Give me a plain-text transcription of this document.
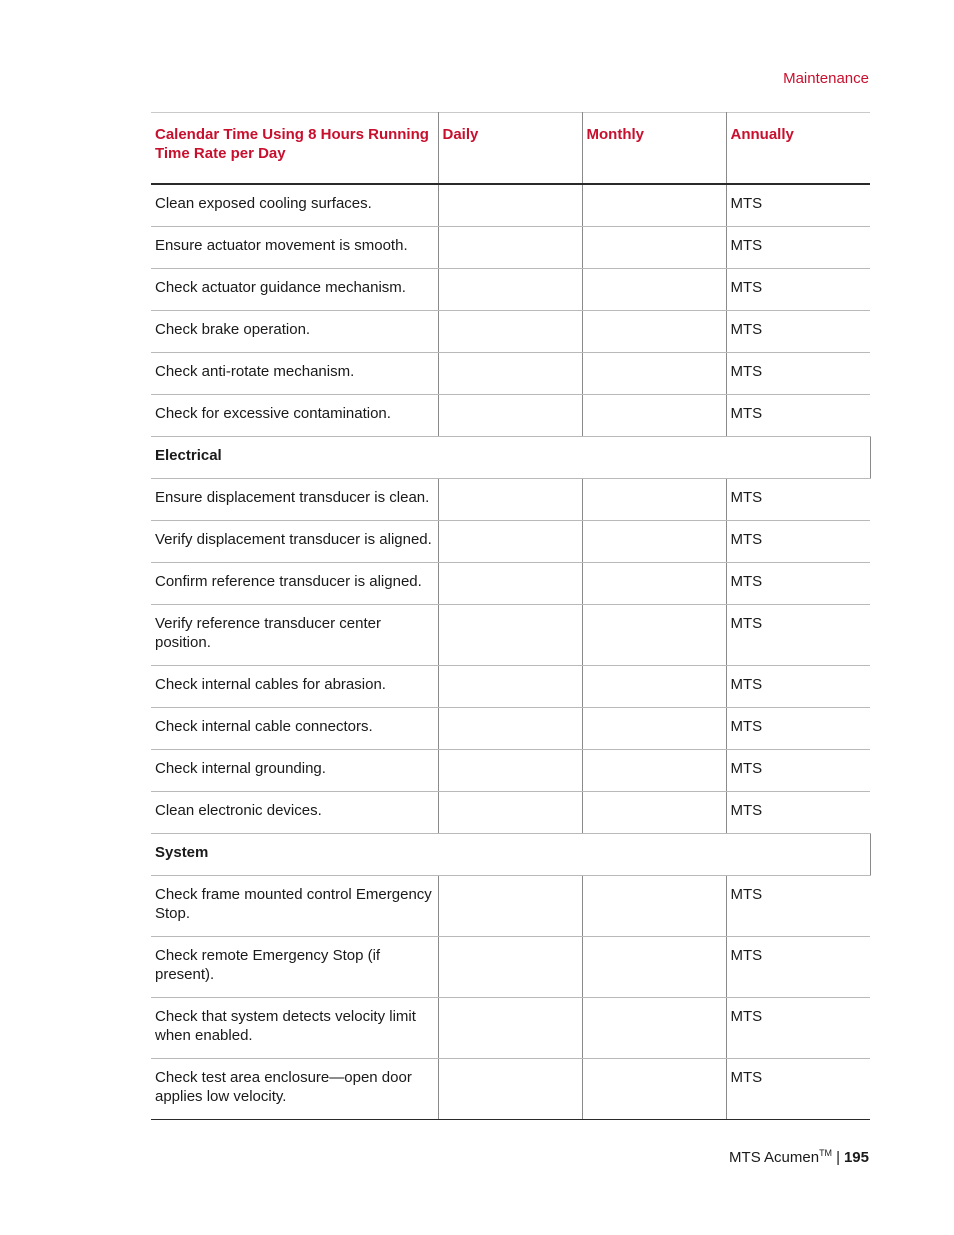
Maintenance
Calendar Time Using 8 Hours Running Time Rate per Day	Daily	Monthly	Annually
Clean exposed cooling surfaces.			MTS
Ensure actuator movement is smooth.			MTS
Check actuator guidance mechanism.			MTS
Check brake operation.			MTS
Check anti-rotate mechanism.			MTS
Check for excessive contamination.			MTS
Electrical			
Ensure displacement transducer is clean.			MTS
Verify displacement transducer is aligned.			MTS
Confirm reference transducer is aligned.			MTS
Verify reference transducer center position.			MTS
Check internal cables for abrasion.			MTS
Check internal cable connectors.			MTS
Check internal grounding.			MTS
Clean electronic devices.			MTS
System			
Check frame mounted control Emergency Stop.			MTS
Check remote Emergency Stop (if present).			MTS
Check that system detects velocity limit when enabled.			MTS
Check test area enclosure—open door applies low velocity.			MTS
MTS Acumen™ | 195
